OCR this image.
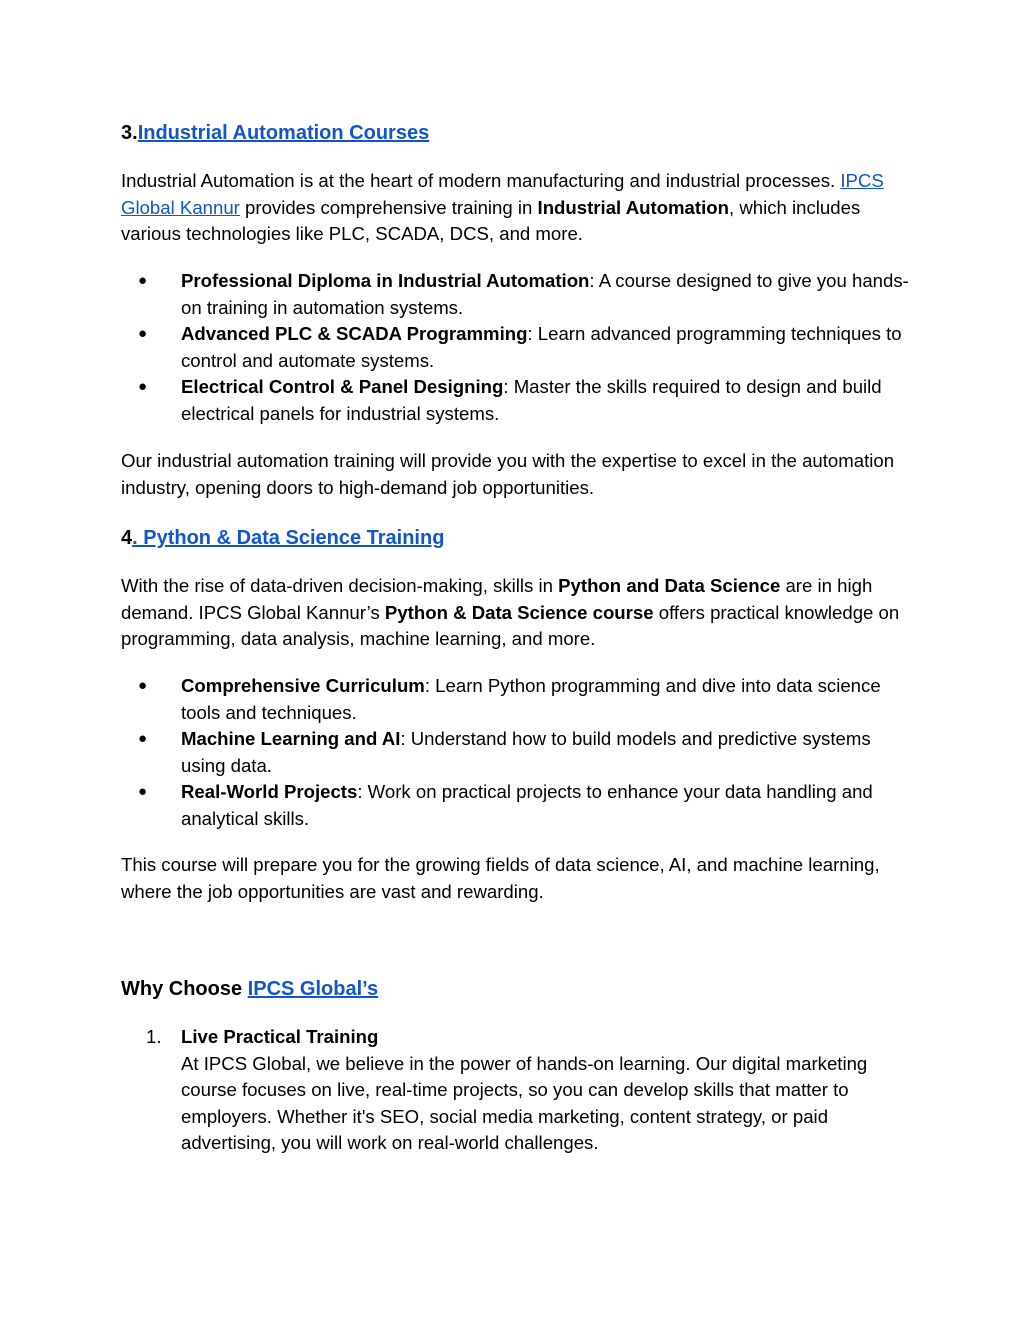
3.Industrial Automation Courses

Industrial Automation is at the heart of modern manufacturing and industrial processes. IPCS Global Kannur provides comprehensive training in Industrial Automation, which includes various technologies like PLC, SCADA, DCS, and more.

● Professional Diploma in Industrial Automation: A course designed to give you hands-on training in automation systems.
● Advanced PLC & SCADA Programming: Learn advanced programming techniques to control and automate systems.
● Electrical Control & Panel Designing: Master the skills required to design and build electrical panels for industrial systems.

Our industrial automation training will provide you with the expertise to excel in the automation industry, opening doors to high-demand job opportunities.

4. Python & Data Science Training

With the rise of data-driven decision-making, skills in Python and Data Science are in high demand. IPCS Global Kannur’s Python & Data Science course offers practical knowledge on programming, data analysis, machine learning, and more.

● Comprehensive Curriculum: Learn Python programming and dive into data science tools and techniques.
● Machine Learning and AI: Understand how to build models and predictive systems using data.
● Real-World Projects: Work on practical projects to enhance your data handling and analytical skills.

This course will prepare you for the growing fields of data science, AI, and machine learning, where the job opportunities are vast and rewarding.

Why Choose IPCS Global’s
1. Live Practical Training
At IPCS Global, we believe in the power of hands-on learning. Our digital marketing course focuses on live, real-time projects, so you can develop skills that matter to employers. Whether it's SEO, social media marketing, content strategy, or paid advertising, you will work on real-world challenges.
